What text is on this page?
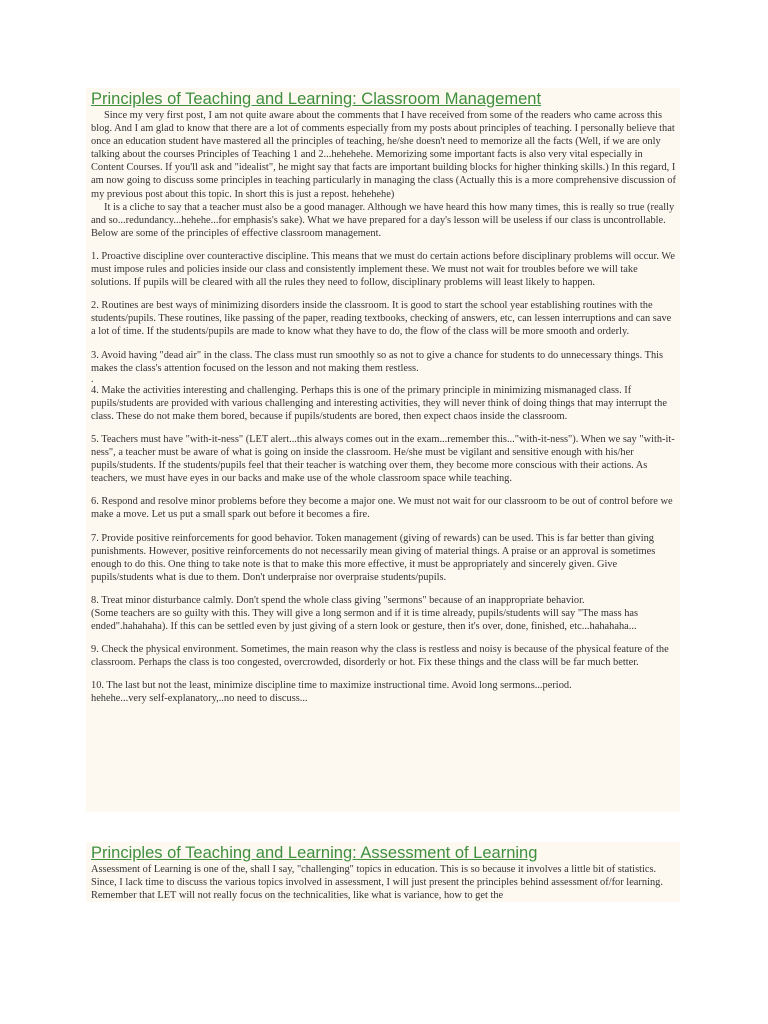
Principles of Teaching and Learning: Classroom Management

Since my very first post, I am not quite aware about the comments that I have received from some of the readers who came across this blog. And I am glad to know that there are a lot of comments especially from my posts about principles of teaching. I personally believe that once an education student have mastered all the principles of teaching, he/she doesn't need to memorize all the facts (Well, if we are only talking about the courses Principles of Teaching 1 and 2...hehehehe. Memorizing some important facts is also very vital especially in Content Courses. If you'll ask and "idealist", he might say that facts are important building blocks for higher thinking skills.) In this regard, I am now going to discuss some principles in teaching particularly in managing the class (Actually this is a more comprehensive discussion of my previous post about this topic. In short this is just a repost. hehehehe)

It is a cliche to say that a teacher must also be a good manager. Although we have heard this how many times, this is really so true (really and so...redundancy...hehehe...for emphasis's sake). What we have prepared for a day's lesson will be useless if our class is uncontrollable. Below are some of the principles of effective classroom management.

1. Proactive discipline over counteractive discipline. This means that we must do certain actions before disciplinary problems will occur. We must impose rules and policies inside our class and consistently implement these. We must not wait for troubles before we will take solutions. If pupils will be cleared with all the rules they need to follow, disciplinary problems will least likely to happen.

2. Routines are best ways of minimizing disorders inside the classroom. It is good to start the school year establishing routines with the students/pupils. These routines, like passing of the paper, reading textbooks, checking of answers, etc, can lessen interruptions and can save a lot of time. If the students/pupils are made to know what they have to do, the flow of the class will be more smooth and orderly.

3. Avoid having "dead air" in the class. The class must run smoothly so as not to give a chance for students to do unnecessary things. This makes the class's attention focused on the lesson and not making them restless.

.

4. Make the activities interesting and challenging. Perhaps this is one of the primary principle in minimizing mismanaged class. If pupils/students are provided with various challenging and interesting activities, they will never think of doing things that may interrupt the class. These do not make them bored, because if pupils/students are bored, then expect chaos inside the classroom.

5. Teachers must have "with-it-ness" (LET alert...this always comes out in the exam...remember this..."with-it-ness"). When we say "with-it-ness", a teacher must be aware of what is going on inside the classroom. He/she must be vigilant and sensitive enough with his/her pupils/students. If the students/pupils feel that their teacher is watching over them, they become more conscious with their actions. As teachers, we must have eyes in our backs and make use of the whole classroom space while teaching.

6. Respond and resolve minor problems before they become a major one. We must not wait for our classroom to be out of control before we make a move. Let us put a small spark out before it becomes a fire.

7. Provide positive reinforcements for good behavior. Token management (giving of rewards) can be used. This is far better than giving punishments. However, positive reinforcements do not necessarily mean giving of material things. A praise or an approval is sometimes enough to do this. One thing to take note is that to make this more effective, it must be appropriately and sincerely given. Give pupils/students what is due to them. Don't underpraise nor overpraise students/pupils.

8. Treat minor disturbance calmly. Don't spend the whole class giving "sermons" because of an inappropriate behavior.

(Some teachers are so guilty with this. They will give a long sermon and if it is time already, pupils/students will say "The mass has ended".hahahaha). If this can be settled even by just giving of a stern look or gesture, then it's over, done, finished, etc...hahahaha...

9. Check the physical environment. Sometimes, the main reason why the class is restless and noisy is because of the physical feature of the classroom. Perhaps the class is too congested, overcrowded, disorderly or hot. Fix these things and the class will be far much better.

10. The last but not the least, minimize discipline time to maximize instructional time. Avoid long sermons...period.

hehehe...very self-explanatory,..no need to discuss...

Principles of Teaching and Learning: Assessment of Learning

Assessment of Learning is one of the, shall I say, "challenging" topics in education. This is so because it involves a little bit of statistics. Since, I lack time to discuss the various topics involved in assessment, I will just present the principles behind assessment of/for learning. Remember that LET will not really focus on the technicalities, like what is variance, how to get the
